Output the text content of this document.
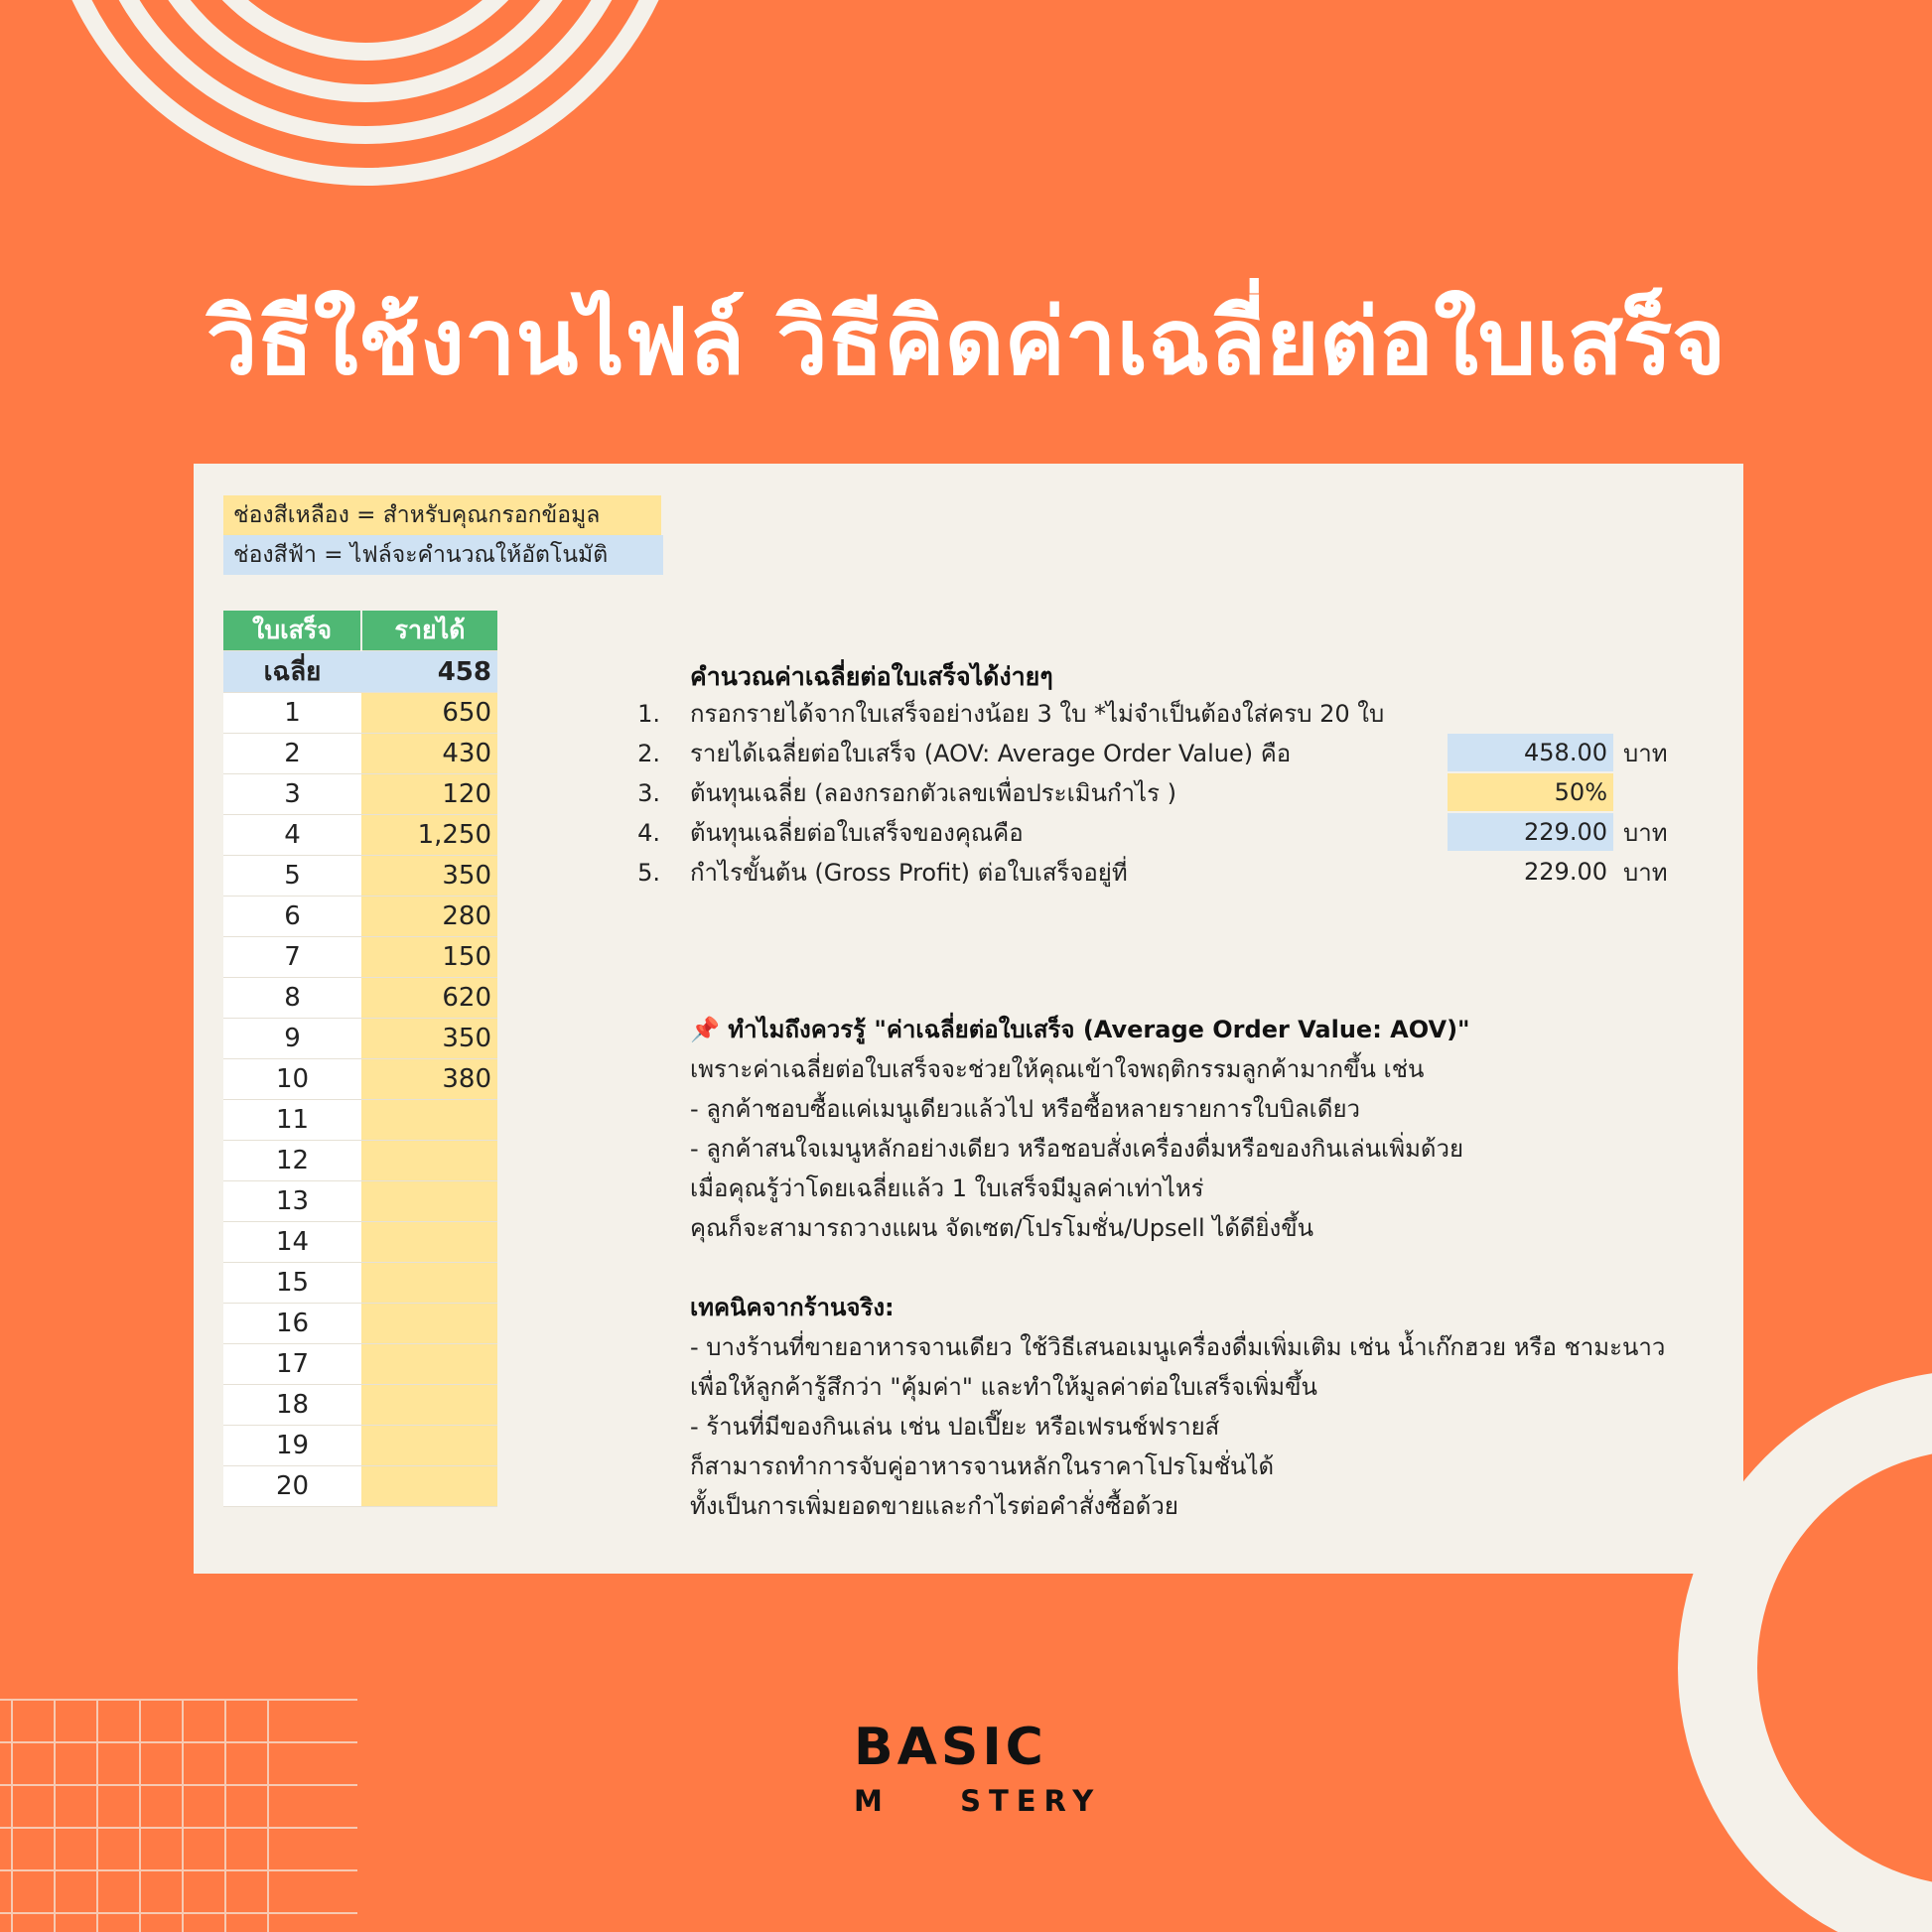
วิธีใช้งานไฟล์ วิธีคิดค่าเฉลี่ยต่อใบเสร็จ
ช่องสีเหลือง = สำหรับคุณกรอกข้อมูล
ช่องสีฟ้า = ไฟล์จะคำนวณให้อัตโนมัติ
ใบเสร็จ	รายได้
เฉลี่ย	458
1	650
2	430
3	120
4	1,250
5	350
6	280
7	150
8	620
9	350
10	380
11	
12	
13	
14	
15	
16	
17	
18	
19	
20	
คำนวณค่าเฉลี่ยต่อใบเสร็จได้ง่ายๆ
1. กรอกรายได้จากใบเสร็จอย่างน้อย 3 ใบ *ไม่จำเป็นต้องใส่ครบ 20 ใบ
2. รายได้เฉลี่ยต่อใบเสร็จ (AOV: Average Order Value) คือ	458.00 บาท
3. ต้นทุนเฉลี่ย (ลองกรอกตัวเลขเพื่อประเมินกำไร )	50%
4. ต้นทุนเฉลี่ยต่อใบเสร็จของคุณคือ	229.00 บาท
5. กำไรขั้นต้น (Gross Profit) ต่อใบเสร็จอยู่ที่	229.00 บาท
📌 ทำไมถึงควรรู้ "ค่าเฉลี่ยต่อใบเสร็จ (Average Order Value: AOV)"
เพราะค่าเฉลี่ยต่อใบเสร็จจะช่วยให้คุณเข้าใจพฤติกรรมลูกค้ามากขึ้น เช่น
- ลูกค้าชอบซื้อแค่เมนูเดียวแล้วไป หรือซื้อหลายรายการใบบิลเดียว
- ลูกค้าสนใจเมนูหลักอย่างเดียว หรือชอบสั่งเครื่องดื่มหรือของกินเล่นเพิ่มด้วย
เมื่อคุณรู้ว่าโดยเฉลี่ยแล้ว 1 ใบเสร็จมีมูลค่าเท่าไหร่
คุณก็จะสามารถวางแผน จัดเซต/โปรโมชั่น/Upsell ได้ดียิ่งขึ้น
เทคนิคจากร้านจริง:
- บางร้านที่ขายอาหารจานเดียว ใช้วิธีเสนอเมนูเครื่องดื่มเพิ่มเติม เช่น น้ำเก๊กฮวย หรือ ชามะนาว
เพื่อให้ลูกค้ารู้สึกว่า "คุ้มค่า" และทำให้มูลค่าต่อใบเสร็จเพิ่มขึ้น
- ร้านที่มีของกินเล่น เช่น ปอเปี๊ยะ หรือเฟรนช์ฟรายส์
ก็สามารถทำการจับคู่อาหารจานหลักในราคาโปรโมชั่นได้
ทั้งเป็นการเพิ่มยอดขายและกำไรต่อคำสั่งซื้อด้วย
BASIC
M STERY
